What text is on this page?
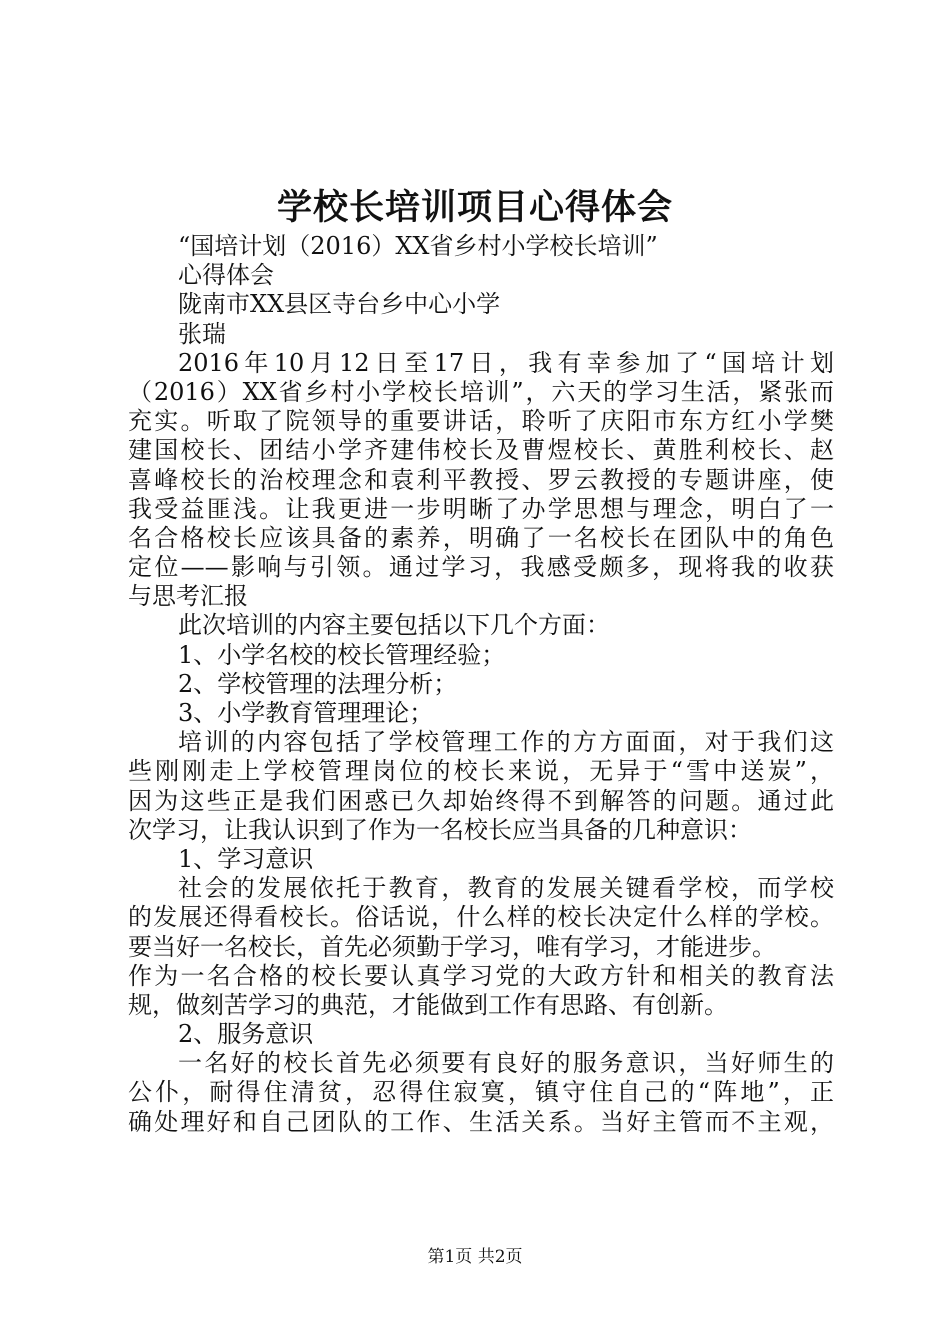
学校长培训项目心得体会
“国培计划（2016）XX省乡村小学校长培训”
心得体会
陇南市XX县区寺台乡中心小学
张瑞
2016年10月12日至17日，我有幸参加了“国培计划
（2016）XX省乡村小学校长培训”，六天的学习生活，紧张而
充实。听取了院领导的重要讲话，聆听了庆阳市东方红小学樊
建国校长、团结小学齐建伟校长及曹煜校长、黄胜利校长、赵
喜峰校长的治校理念和袁利平教授、罗云教授的专题讲座，使
我受益匪浅。让我更进一步明晰了办学思想与理念，明白了一
名合格校长应该具备的素养，明确了一名校长在团队中的角色
定位——影响与引领。通过学习，我感受颇多，现将我的收获
与思考汇报
此次培训的内容主要包括以下几个方面：
1、小学名校的校长管理经验；
2、学校管理的法理分析；
3、小学教育管理理论；
培训的内容包括了学校管理工作的方方面面，对于我们这
些刚刚走上学校管理岗位的校长来说，无异于“雪中送炭”，
因为这些正是我们困惑已久却始终得不到解答的问题。通过此
次学习，让我认识到了作为一名校长应当具备的几种意识：
1、学习意识
社会的发展依托于教育，教育的发展关键看学校，而学校
的发展还得看校长。俗话说，什么样的校长决定什么样的学校。
要当好一名校长，首先必须勤于学习，唯有学习，才能进步。
作为一名合格的校长要认真学习党的大政方针和相关的教育法
规，做刻苦学习的典范，才能做到工作有思路、有创新。
2、服务意识
一名好的校长首先必须要有良好的服务意识，当好师生的
公仆，耐得住清贫，忍得住寂寞，镇守住自己的“阵地”，正
确处理好和自己团队的工作、生活关系。当好主管而不主观，
第1页 共2页
